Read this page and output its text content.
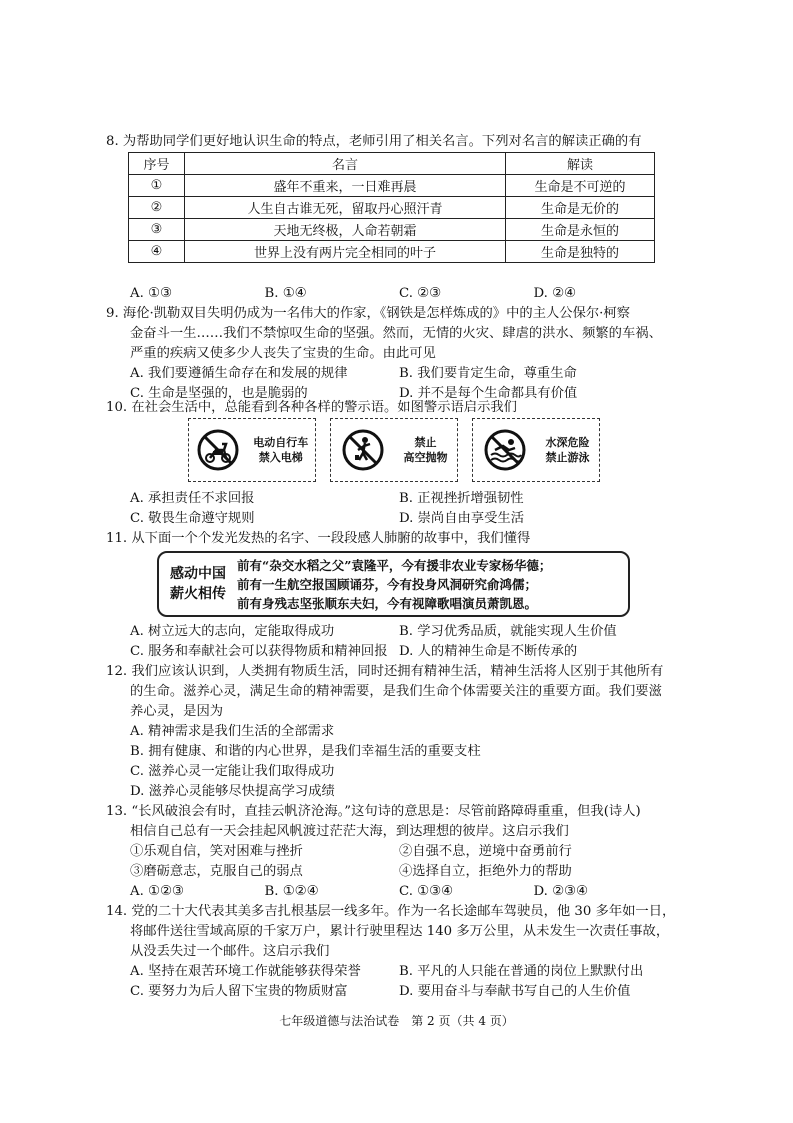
8. 为帮助同学们更好地认识生命的特点，老师引用了相关名言。下列对名言的解读正确的有
序号	名言	解读
①	盛年不重来，一日难再晨	生命是不可逆的
②	人生自古谁无死，留取丹心照汗青	生命是无价的
③	天地无终极，人命若朝霜	生命是永恒的
④	世界上没有两片完全相同的叶子	生命是独特的
A. ①③	B. ①④	C. ②③	D. ②④
9. 海伦·凯勒双目失明仍成为一名伟大的作家，《钢铁是怎样炼成的》中的主人公保尔·柯察
金奋斗一生……我们不禁惊叹生命的坚强。然而，无情的火灾、肆虐的洪水、频繁的车祸、
严重的疾病又使多少人丧失了宝贵的生命。由此可见
A. 我们要遵循生命存在和发展的规律	B. 我们要肯定生命，尊重生命
C. 生命是坚强的，也是脆弱的	D. 并不是每个生命都具有价值
10. 在社会生活中，总能看到各种各样的警示语。如图警示语启示我们
电动自行车
禁入电梯
禁止
高空抛物
水深危险
禁止游泳
A. 承担责任不求回报	B. 正视挫折增强韧性
C. 敬畏生命遵守规则	D. 崇尚自由享受生活
11. 从下面一个个发光发热的名字、一段段感人肺腑的故事中，我们懂得
感动中国
薪火相传
前有“杂交水稻之父”袁隆平，今有援非农业专家杨华德；
前有一生航空报国顾诵芬，今有投身风洞研究俞鸿儒；
前有身残志坚张顺东夫妇，今有视障歌唱演员萧凯恩。
A. 树立远大的志向，定能取得成功	B. 学习优秀品质，就能实现人生价值
C. 服务和奉献社会可以获得物质和精神回报 D. 人的精神生命是不断传承的
12. 我们应该认识到，人类拥有物质生活，同时还拥有精神生活，精神生活将人区别于其他所有
的生命。滋养心灵，满足生命的精神需要，是我们生命个体需要关注的重要方面。我们要滋
养心灵，是因为
A. 精神需求是我们生活的全部需求
B. 拥有健康、和谐的内心世界，是我们幸福生活的重要支柱
C. 滋养心灵一定能让我们取得成功
D. 滋养心灵能够尽快提高学习成绩
13. “长风破浪会有时，直挂云帆济沧海。”这句诗的意思是：尽管前路障碍重重，但我(诗人)
相信自己总有一天会挂起风帆渡过茫茫大海，到达理想的彼岸。这启示我们
①乐观自信，笑对困难与挫折	②自强不息，逆境中奋勇前行
③磨砺意志，克服自己的弱点	④选择自立，拒绝外力的帮助
A. ①②③	B. ①②④	C. ①③④	D. ②③④
14. 党的二十大代表其美多吉扎根基层一线多年。作为一名长途邮车驾驶员，他 30 多年如一日，
将邮件送往雪域高原的千家万户，累计行驶里程达 140 多万公里，从未发生一次责任事故，
从没丢失过一个邮件。这启示我们
A. 坚持在艰苦环境工作就能够获得荣誉	B. 平凡的人只能在普通的岗位上默默付出
C. 要努力为后人留下宝贵的物质财富	D. 要用奋斗与奉献书写自己的人生价值
七年级道德与法治试卷　第 2 页（共 4 页）
